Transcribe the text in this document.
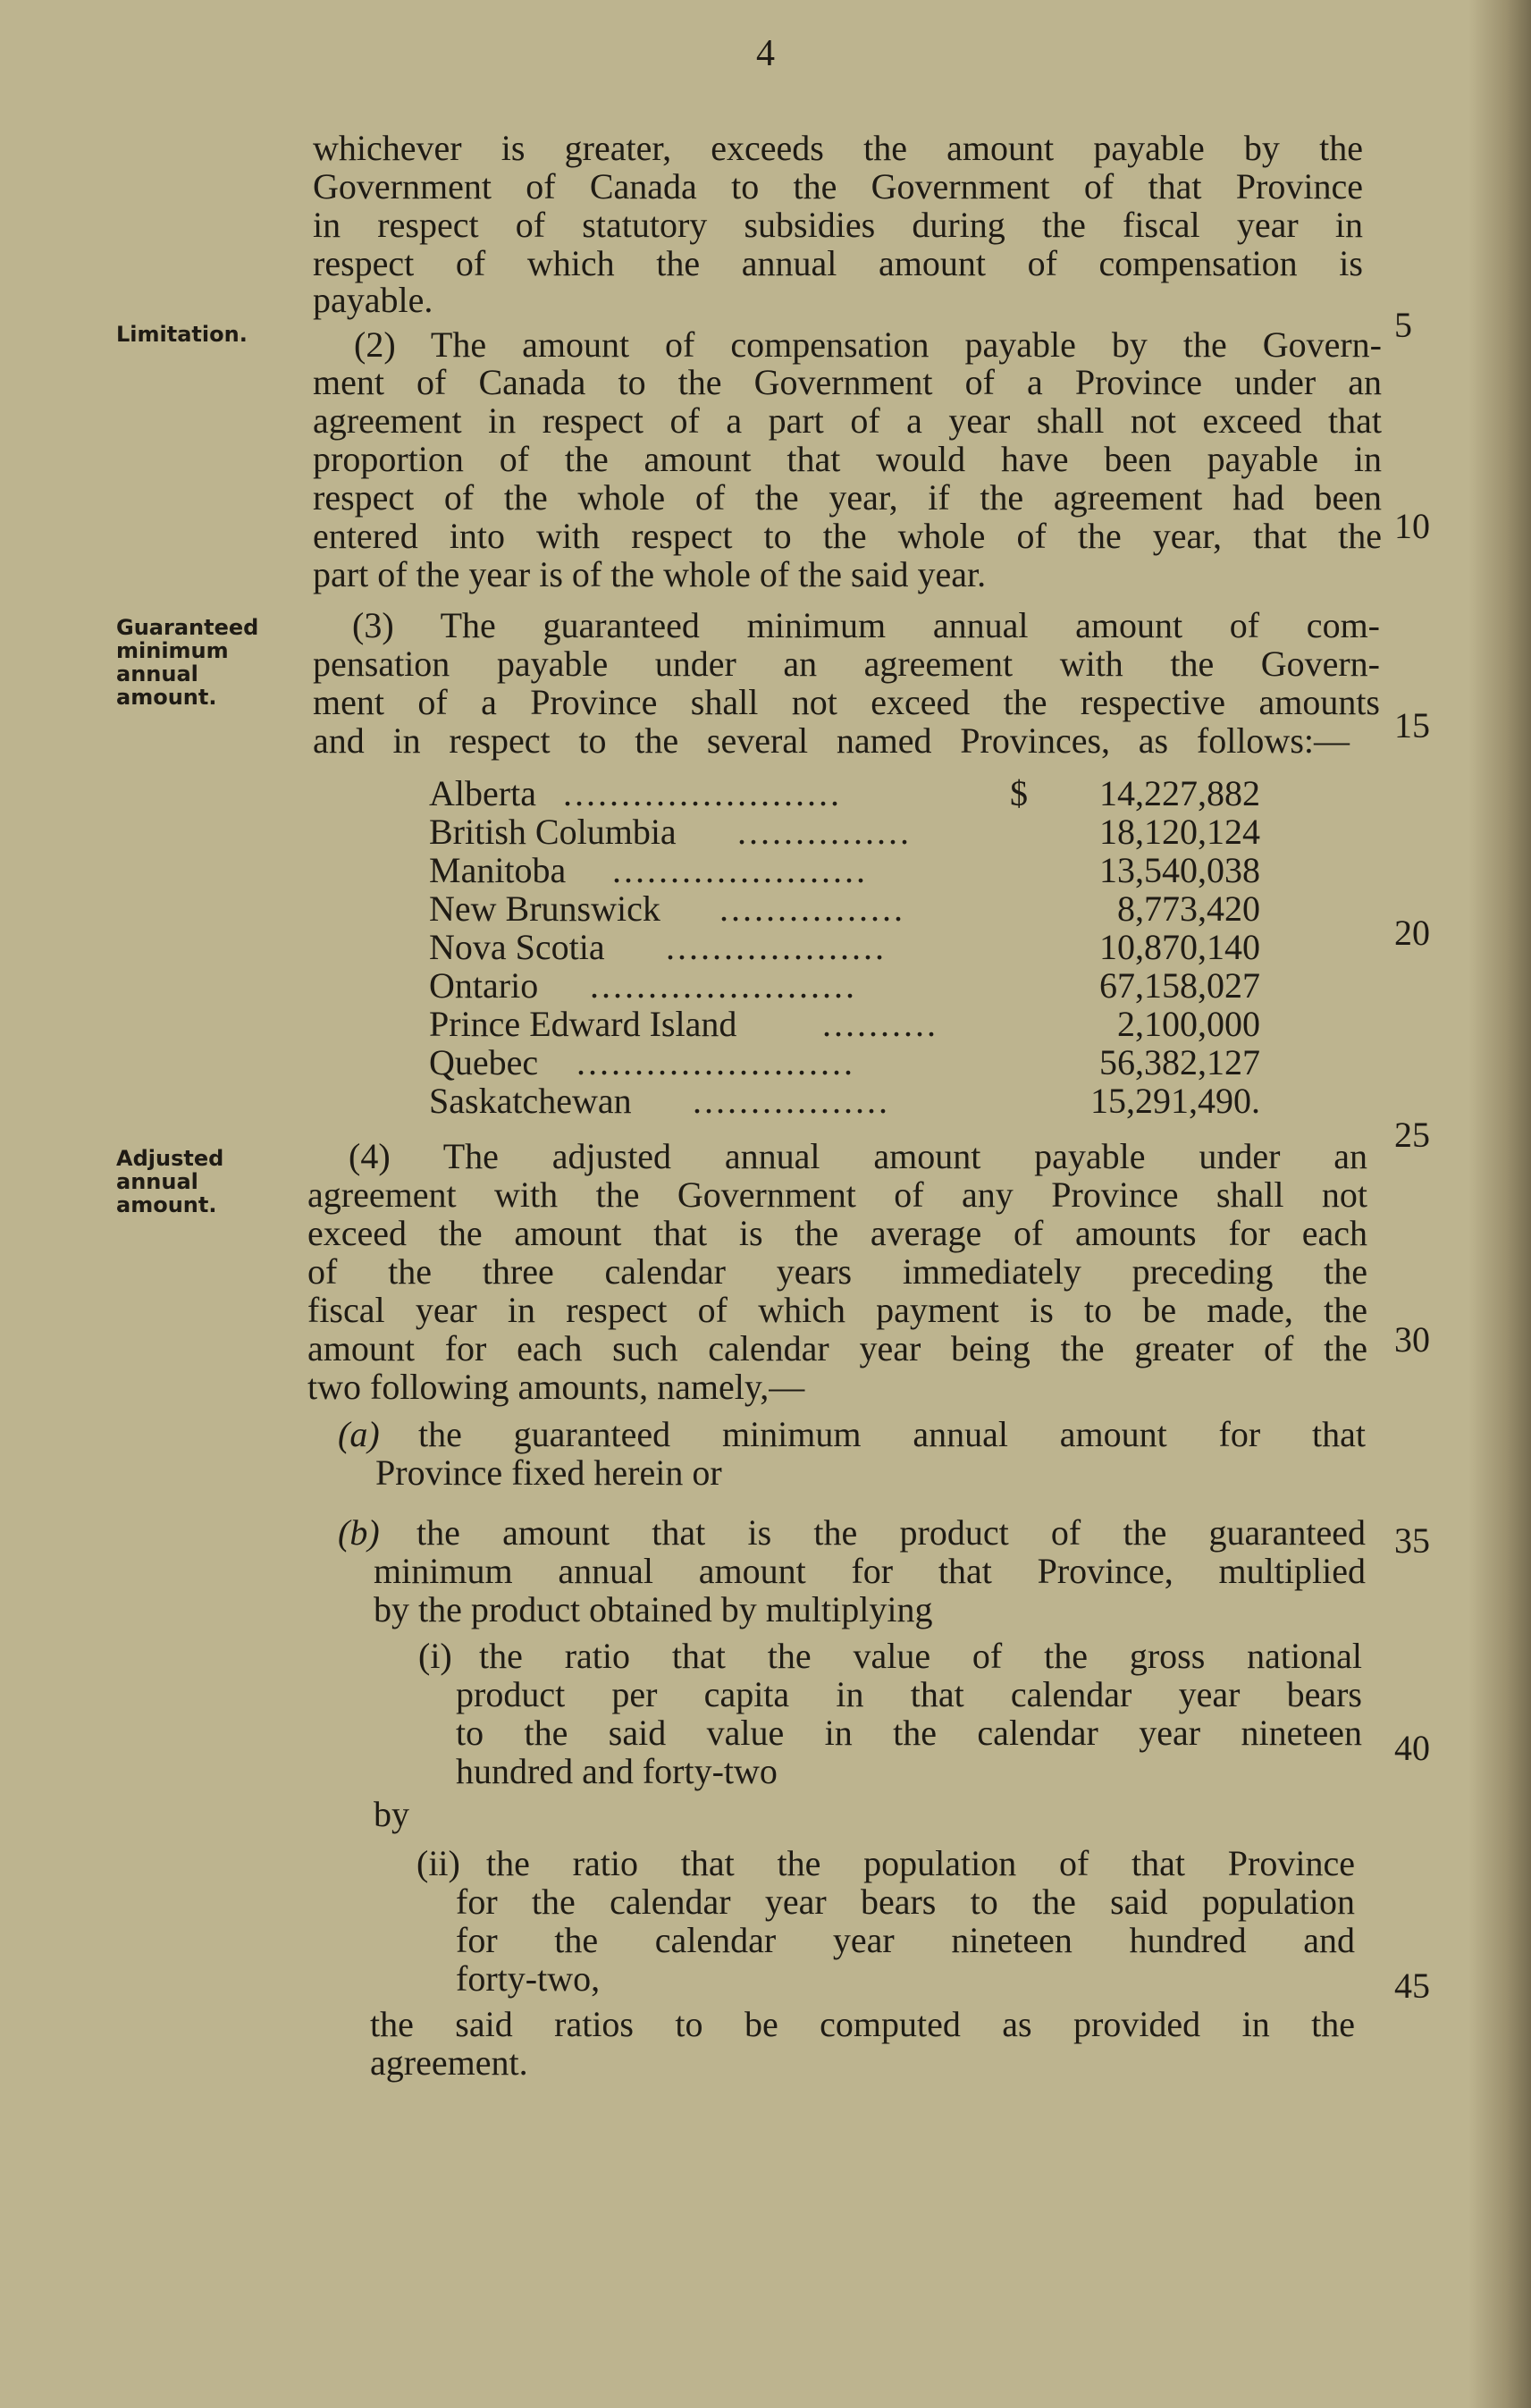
4
Limitation.
Guaranteed
minimum
annual
amount.
Adjusted
annual
amount.
5
10
15
20
25
30
35
40
45
whichever is greater, exceeds the amount payable by the
Government of Canada to the Government of that Province
in respect of statutory subsidies during the fiscal year in
respect of which the annual amount of compensation is
payable.
(2) The amount of compensation payable by the Govern-
ment of Canada to the Government of a Province under an
agreement in respect of a part of a year shall not exceed that
proportion of the amount that would have been payable in
respect of the whole of the year, if the agreement had been
entered into with respect to the whole of the year, that the
part of the year is of the whole of the said year.
(3) The guaranteed minimum annual amount of com-
pensation payable under an agreement with the Govern-
ment of a Province shall not exceed the respective amounts
and in respect to the several named Provinces, as follows:—
Alberta ........................	$ 14,227,882
British Columbia ...............	18,120,124
Manitoba ......................	13,540,038
New Brunswick ................	8,773,420
Nova Scotia ...................	10,870,140
Ontario .......................	67,158,027
Prince Edward Island ..........	2,100,000
Quebec ........................	56,382,127
Saskatchewan .................	15,291,490.
(4) The adjusted annual amount payable under an
agreement with the Government of any Province shall not
exceed the amount that is the average of amounts for each
of the three calendar years immediately preceding the
fiscal year in respect of which payment is to be made, the
amount for each such calendar year being the greater of the
two following amounts, namely,—
(a)	the guaranteed minimum annual amount for that
Province fixed herein or
(b)	the amount that is the product of the guaranteed
minimum annual amount for that Province, multiplied
by the product obtained by multiplying
(i) the ratio that the value of the gross national
product per capita in that calendar year bears
to the said value in the calendar year nineteen
hundred and forty-two
by
(ii) the ratio that the population of that Province
for the calendar year bears to the said population
for the calendar year nineteen hundred and
forty-two,
the said ratios to be computed as provided in the
agreement.
